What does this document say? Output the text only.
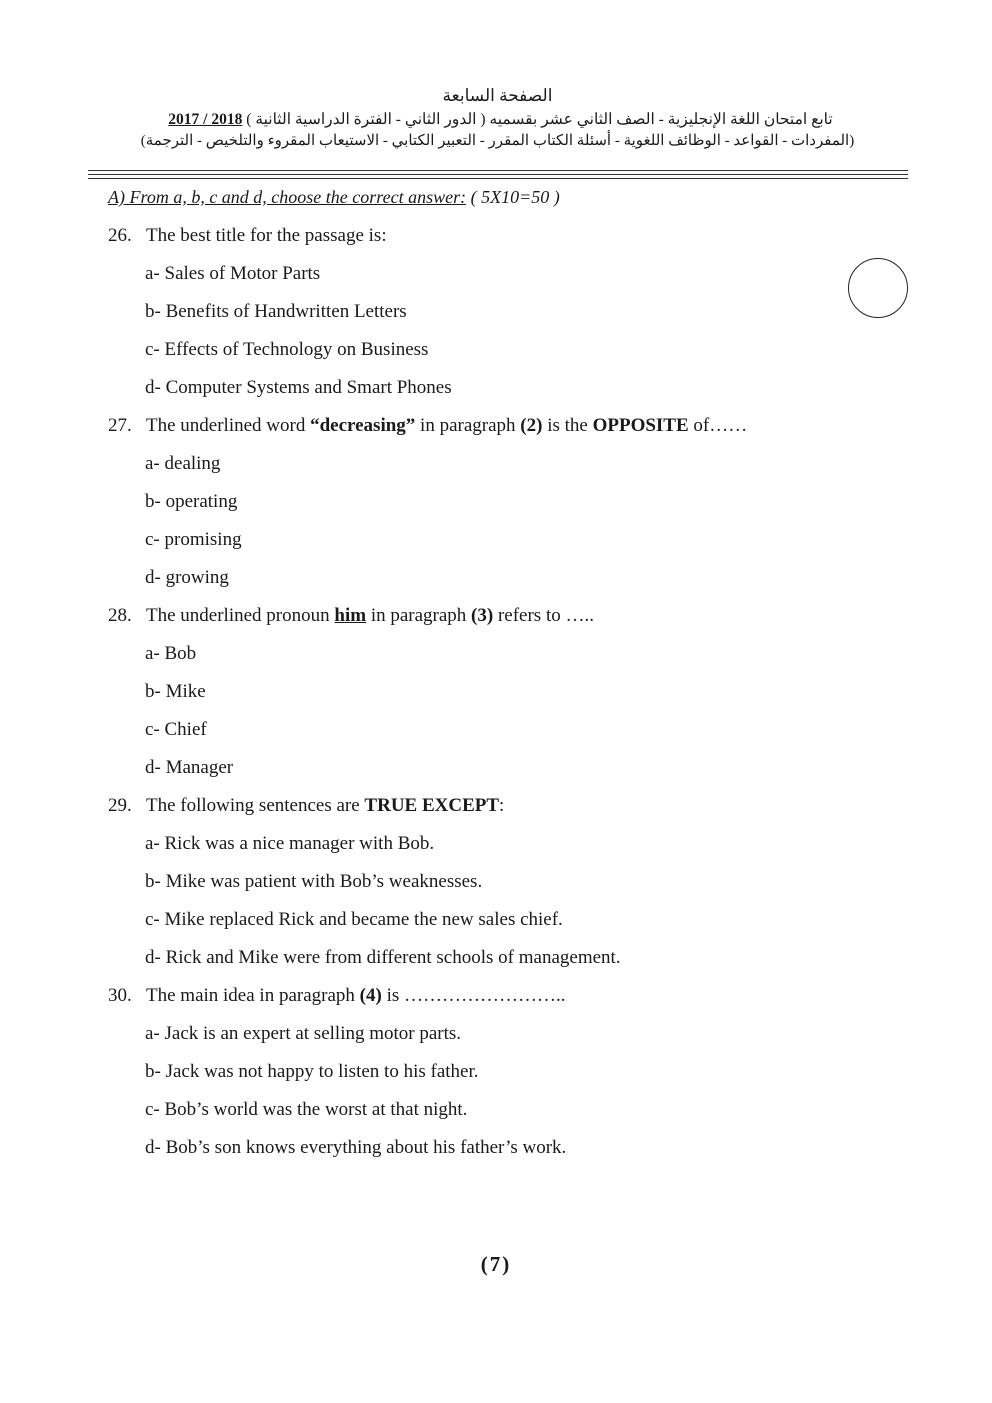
الصفحة السابعة
تابع امتحان اللغة الإنجليزية - الصف الثاني عشر بقسميه ( الدور الثاني - الفترة الدراسية الثانية ) 2018 / 2017
(المفردات - القواعد - الوظائف اللغوية - أسئلة الكتاب المقرر - التعبير الكتابي - الاستيعاب المقروء والتلخيص - الترجمة)
A) From a, b, c and d, choose the correct answer: ( 5X10=50 )
26. The best title for the passage is:
a- Sales of Motor Parts
b- Benefits of Handwritten Letters
c- Effects of Technology on Business
d- Computer Systems and Smart Phones
27. The underlined word “decreasing” in paragraph (2) is the OPPOSITE of……
a- dealing
b- operating
c- promising
d- growing
28. The underlined pronoun him in paragraph (3) refers to …..
a- Bob
b- Mike
c- Chief
d- Manager
29. The following sentences are TRUE EXCEPT:
a- Rick was a nice manager with Bob.
b- Mike was patient with Bob’s weaknesses.
c- Mike replaced Rick and became the new sales chief.
d- Rick and Mike were from different schools of management.
30. The main idea in paragraph (4) is ……………………..
a- Jack is an expert at selling motor parts.
b- Jack was not happy to listen to his father.
c- Bob’s world was the worst at that night.
d- Bob’s son knows everything about his father’s work.
(7)
